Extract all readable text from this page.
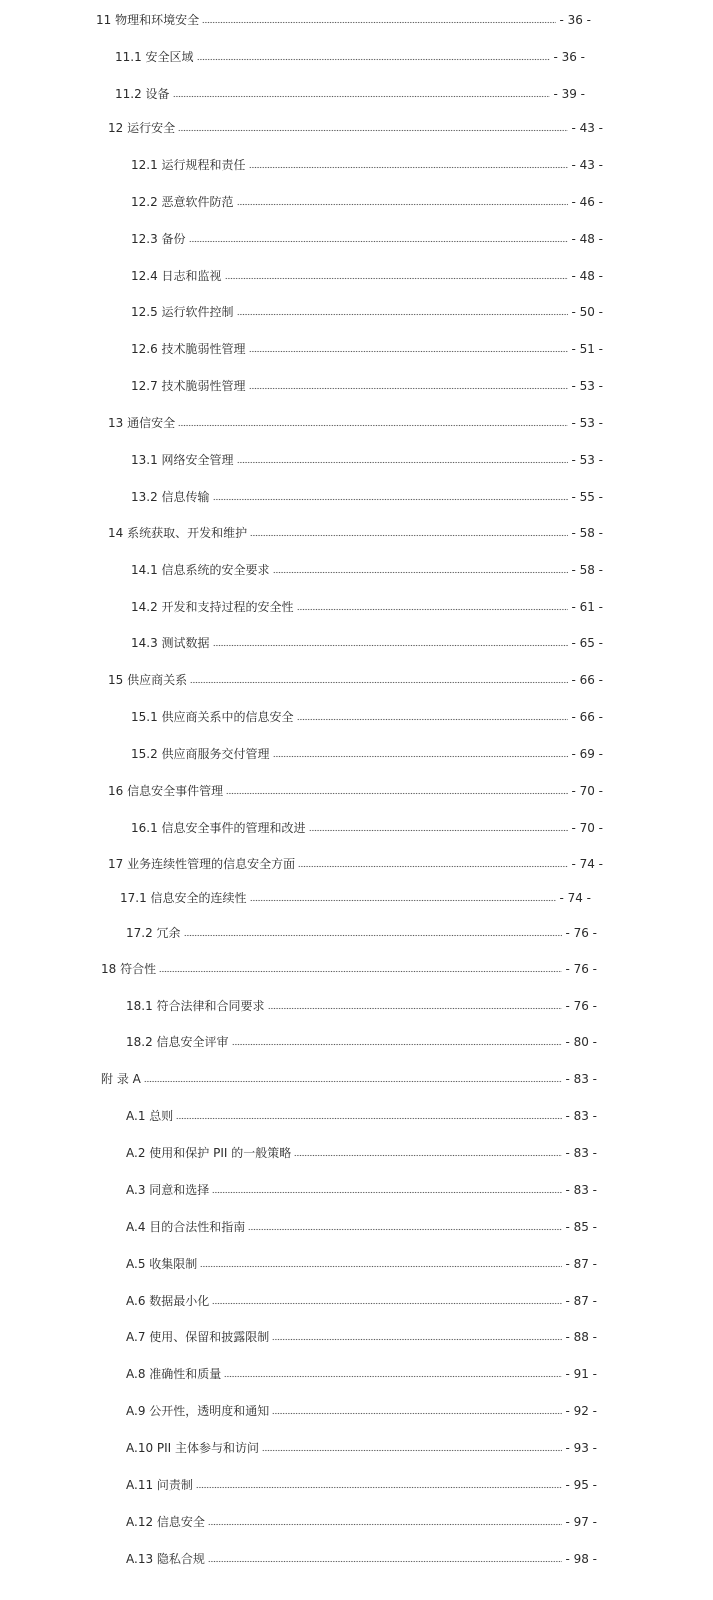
11 物理和环境安全	- 36 -
11.1 安全区域	- 36 -
11.2 设备	- 39 -
12 运行安全	- 43 -
12.1 运行规程和责任	- 43 -
12.2 恶意软件防范	- 46 -
12.3 备份	- 48 -
12.4 日志和监视	- 48 -
12.5 运行软件控制	- 50 -
12.6 技术脆弱性管理	- 51 -
12.7 技术脆弱性管理	- 53 -
13 通信安全	- 53 -
13.1 网络安全管理	- 53 -
13.2 信息传输	- 55 -
14 系统获取、开发和维护	- 58 -
14.1 信息系统的安全要求	- 58 -
14.2 开发和支持过程的安全性	- 61 -
14.3 测试数据	- 65 -
15 供应商关系	- 66 -
15.1 供应商关系中的信息安全	- 66 -
15.2 供应商服务交付管理	- 69 -
16 信息安全事件管理	- 70 -
16.1 信息安全事件的管理和改进	- 70 -
17 业务连续性管理的信息安全方面	- 74 -
17.1 信息安全的连续性	- 74 -
17.2 冗余	- 76 -
18 符合性	- 76 -
18.1 符合法律和合同要求	- 76 -
18.2 信息安全评审	- 80 -
附 录 A	- 83 -
A.1 总则	- 83 -
A.2 使用和保护 PII 的一般策略	- 83 -
A.3 同意和选择	- 83 -
A.4 目的合法性和指南	- 85 -
A.5 收集限制	- 87 -
A.6 数据最小化	- 87 -
A.7 使用、保留和披露限制	- 88 -
A.8 准确性和质量	- 91 -
A.9 公开性，透明度和通知	- 92 -
A.10 PII 主体参与和访问	- 93 -
A.11 问责制	- 95 -
A.12 信息安全	- 97 -
A.13 隐私合规	- 98 -
